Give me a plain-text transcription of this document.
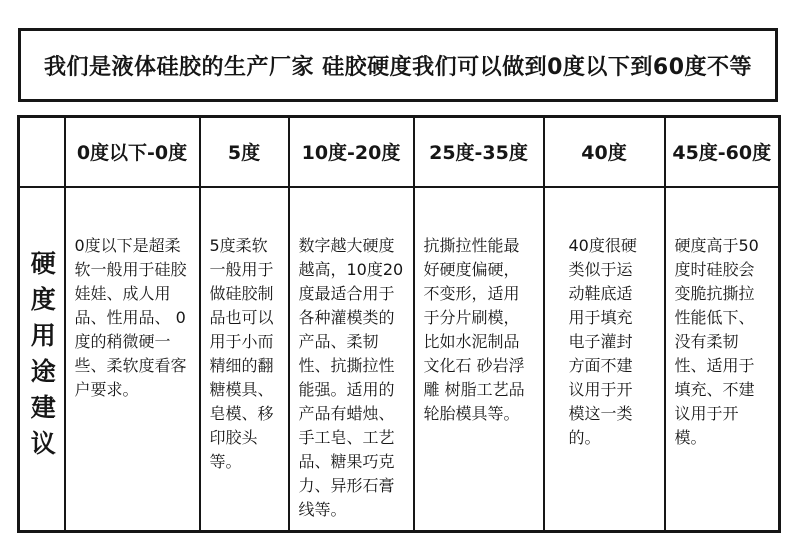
我们是液体硅胶的生产厂家 硅胶硬度我们可以做到0度以下到60度不等
	0度以下-0度	5度	10度-20度	25度-35度	40度	45度-60度
硬度用途建议	0度以下是超柔软一般用于硅胶娃娃、成人用品、性用品、 0度的稍微硬一些、柔软度看客户要求。	5度柔软 一般用于做硅胶制品也可以用于小而精细的翻糖模具、皂模、移印胶头等。	数字越大硬度越高，10度20度最适合用于各种灌模类的产品、柔韧性、抗撕拉性能强。适用的产品有蜡烛、手工皂、工艺品、糖果巧克力、异形石膏线等。	抗撕拉性能最好硬度偏硬，不变形，适用于分片刷模，比如水泥制品 文化石 砂岩浮雕 树脂工艺品轮胎模具等。	40度很硬类似于运动鞋底适用于填充电子灌封方面不建议用于开模这一类的。	硬度高于50度时硅胶会变脆抗撕拉性能低下、没有柔韧性、适用于填充、不建议用于开模。
